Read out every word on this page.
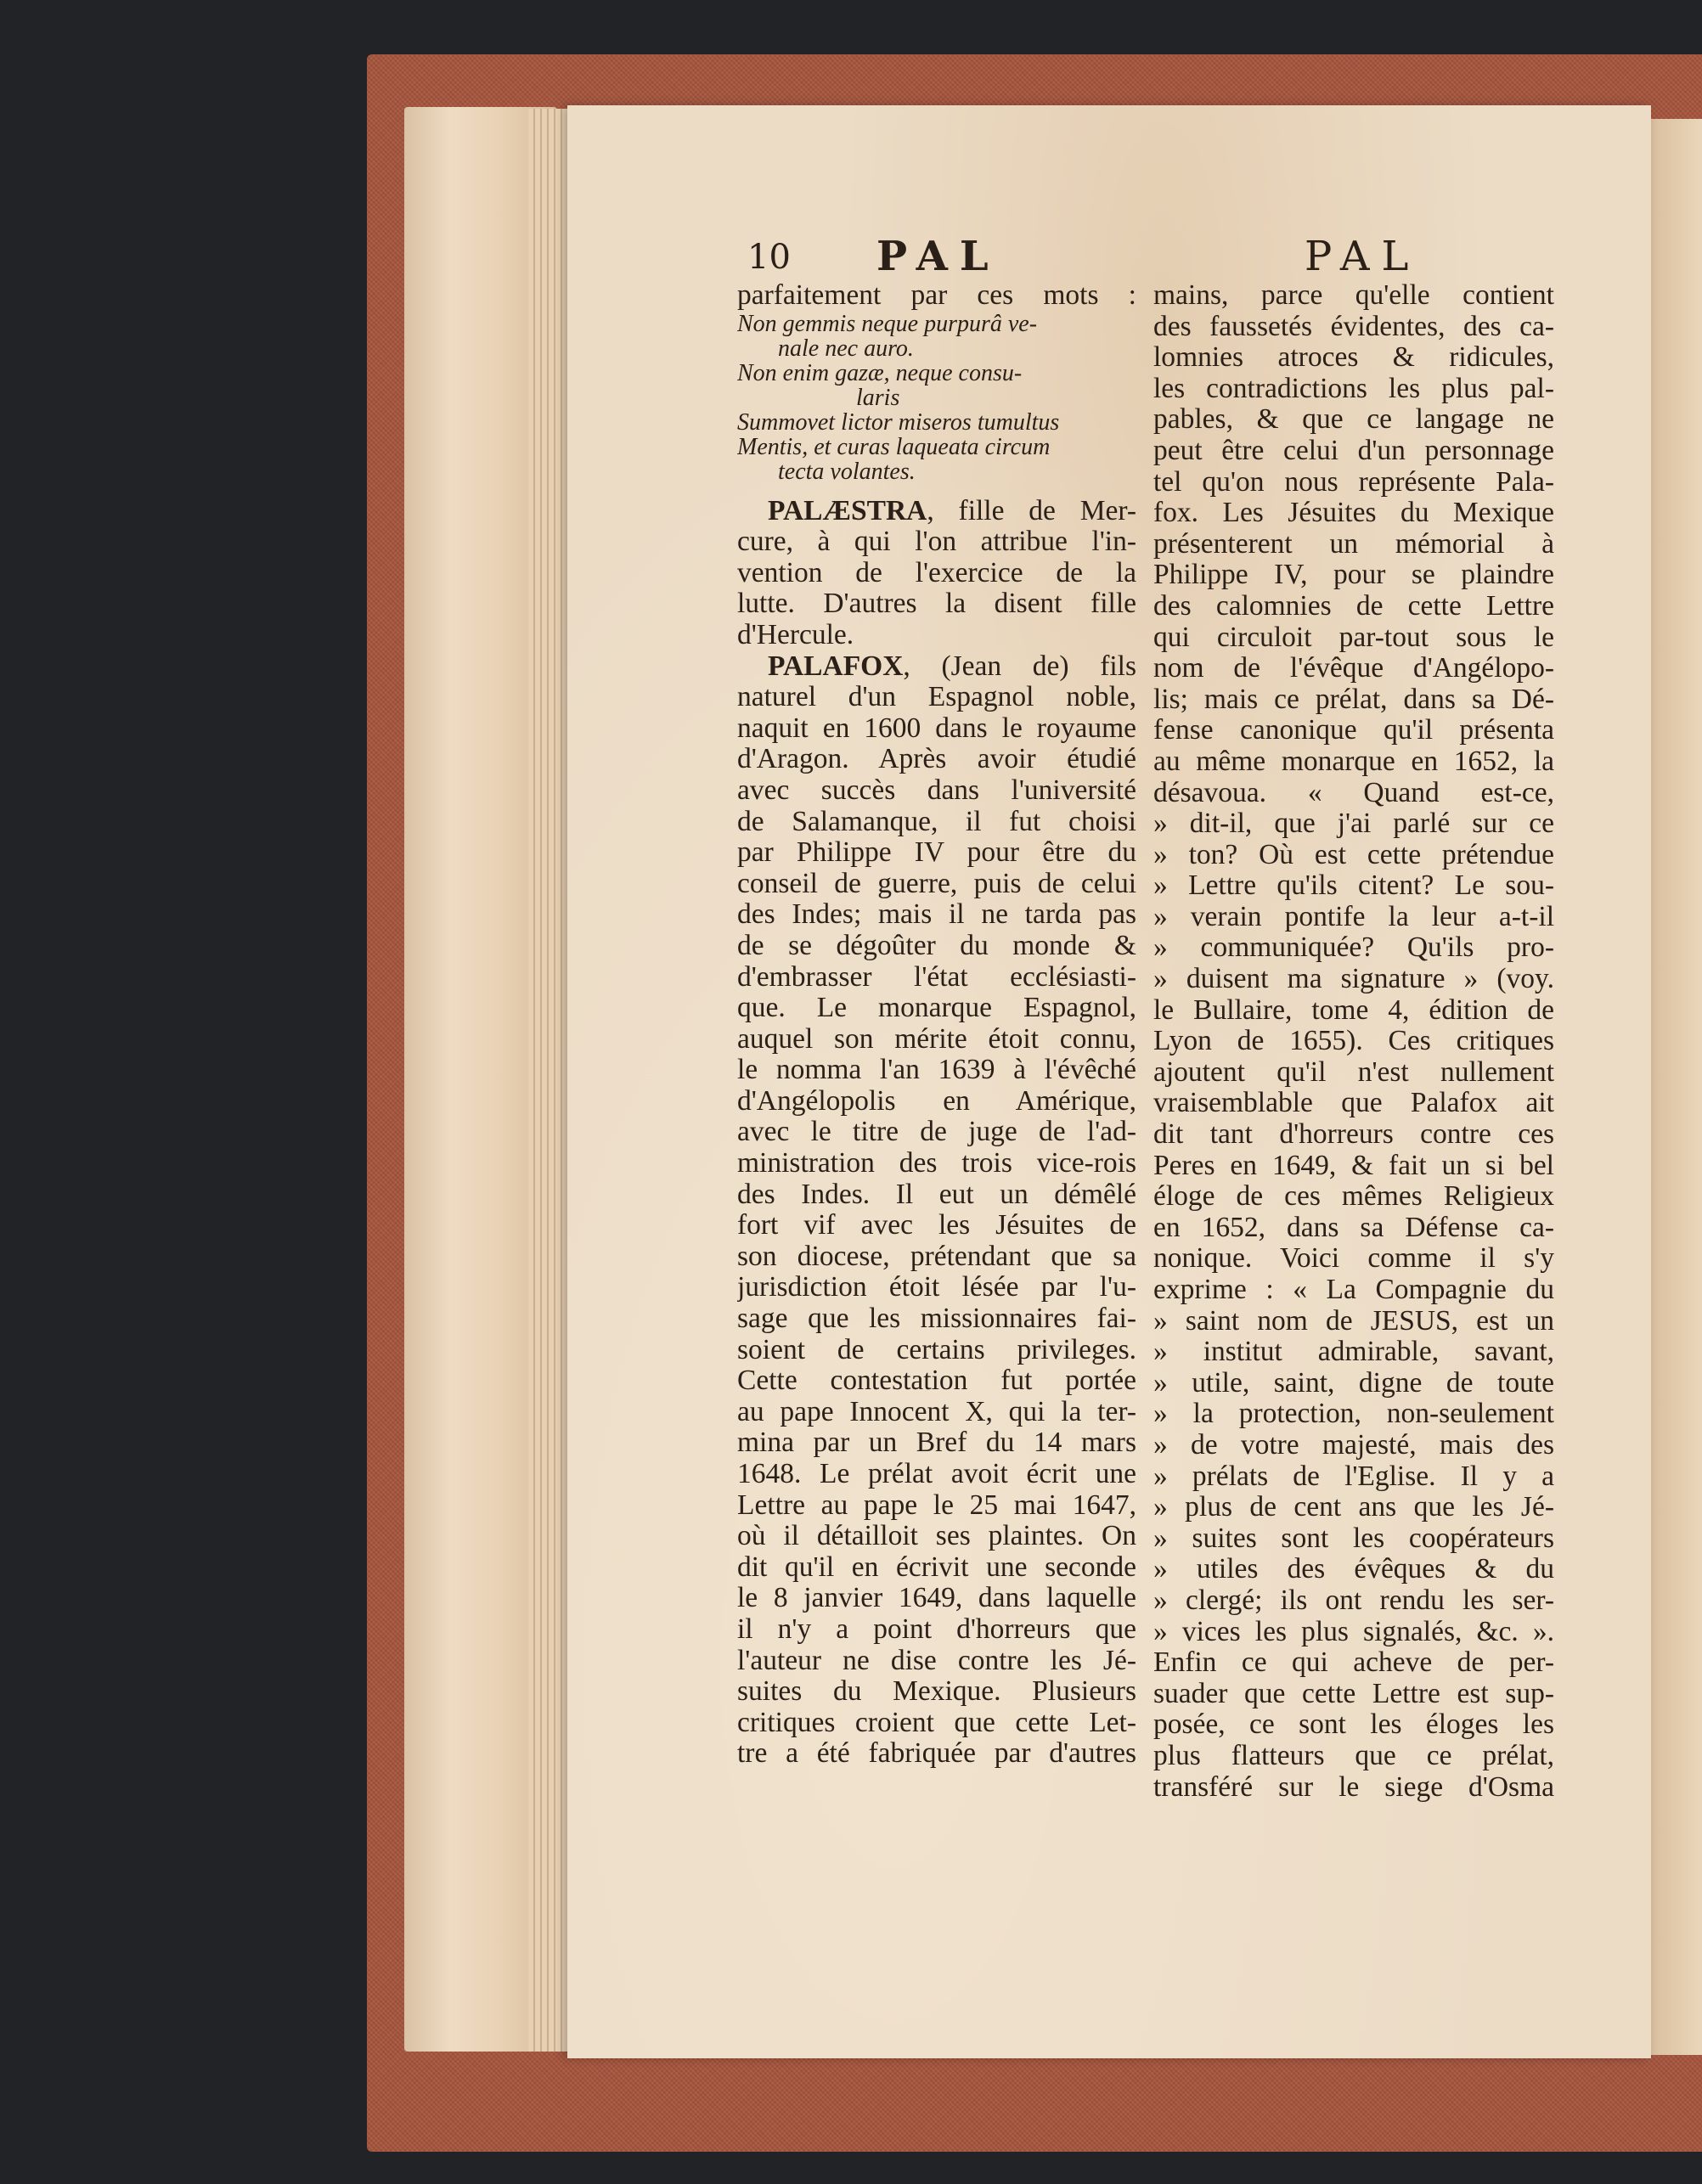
10 PAL	PAL
parfaitement par ces mots :
Non gemmis neque purpurâ ve-
nale nec auro.
Non enim gazæ, neque consu-
laris
Summovet lictor miseros tumultus
Mentis, et curas laqueata circum
tecta volantes.
PALÆSTRA, fille de Mer-
cure, à qui l'on attribue l'in-
vention de l'exercice de la
lutte. D'autres la disent fille
d'Hercule.
PALAFOX, (Jean de) fils
naturel d'un Espagnol noble,
naquit en 1600 dans le royaume
d'Aragon. Après avoir étudié
avec succès dans l'université
de Salamanque, il fut choisi
par Philippe IV pour être du
conseil de guerre, puis de celui
des Indes; mais il ne tarda pas
de se dégoûter du monde &
d'embrasser l'état ecclésiasti-
que. Le monarque Espagnol,
auquel son mérite étoit connu,
le nomma l'an 1639 à l'évêché
d'Angélopolis en Amérique,
avec le titre de juge de l'ad-
ministration des trois vice-rois
des Indes. Il eut un démêlé
fort vif avec les Jésuites de
son diocese, prétendant que sa
jurisdiction étoit lésée par l'u-
sage que les missionnaires fai-
soient de certains privileges.
Cette contestation fut portée
au pape Innocent X, qui la ter-
mina par un Bref du 14 mars
1648. Le prélat avoit écrit une
Lettre au pape le 25 mai 1647,
où il détailloit ses plaintes. On
dit qu'il en écrivit une seconde
le 8 janvier 1649, dans laquelle
il n'y a point d'horreurs que
l'auteur ne dise contre les Jé-
suites du Mexique. Plusieurs
critiques croient que cette Let-
tre a été fabriquée par d'autres
mains, parce qu'elle contient
des faussetés évidentes, des ca-
lomnies atroces & ridicules,
les contradictions les plus pal-
pables, & que ce langage ne
peut être celui d'un personnage
tel qu'on nous représente Pala-
fox. Les Jésuites du Mexique
présenterent un mémorial à
Philippe IV, pour se plaindre
des calomnies de cette Lettre
qui circuloit par-tout sous le
nom de l'évêque d'Angélopo-
lis; mais ce prélat, dans sa Dé-
fense canonique qu'il présenta
au même monarque en 1652, la
désavoua. « Quand est-ce,
» dit-il, que j'ai parlé sur ce
» ton? Où est cette prétendue
» Lettre qu'ils citent? Le sou-
» verain pontife la leur a-t-il
» communiquée? Qu'ils pro-
» duisent ma signature » (voy.
le Bullaire, tome 4, édition de
Lyon de 1655). Ces critiques
ajoutent qu'il n'est nullement
vraisemblable que Palafox ait
dit tant d'horreurs contre ces
Peres en 1649, & fait un si bel
éloge de ces mêmes Religieux
en 1652, dans sa Défense ca-
nonique. Voici comme il s'y
exprime : « La Compagnie du
» saint nom de JESUS, est un
» institut admirable, savant,
» utile, saint, digne de toute
» la protection, non-seulement
» de votre majesté, mais des
» prélats de l'Eglise. Il y a
» plus de cent ans que les Jé-
» suites sont les coopérateurs
» utiles des évêques & du
» clergé; ils ont rendu les ser-
» vices les plus signalés, &c. ».
Enfin ce qui acheve de per-
suader que cette Lettre est sup-
posée, ce sont les éloges les
plus flatteurs que ce prélat,
transféré sur le siege d'Osma
